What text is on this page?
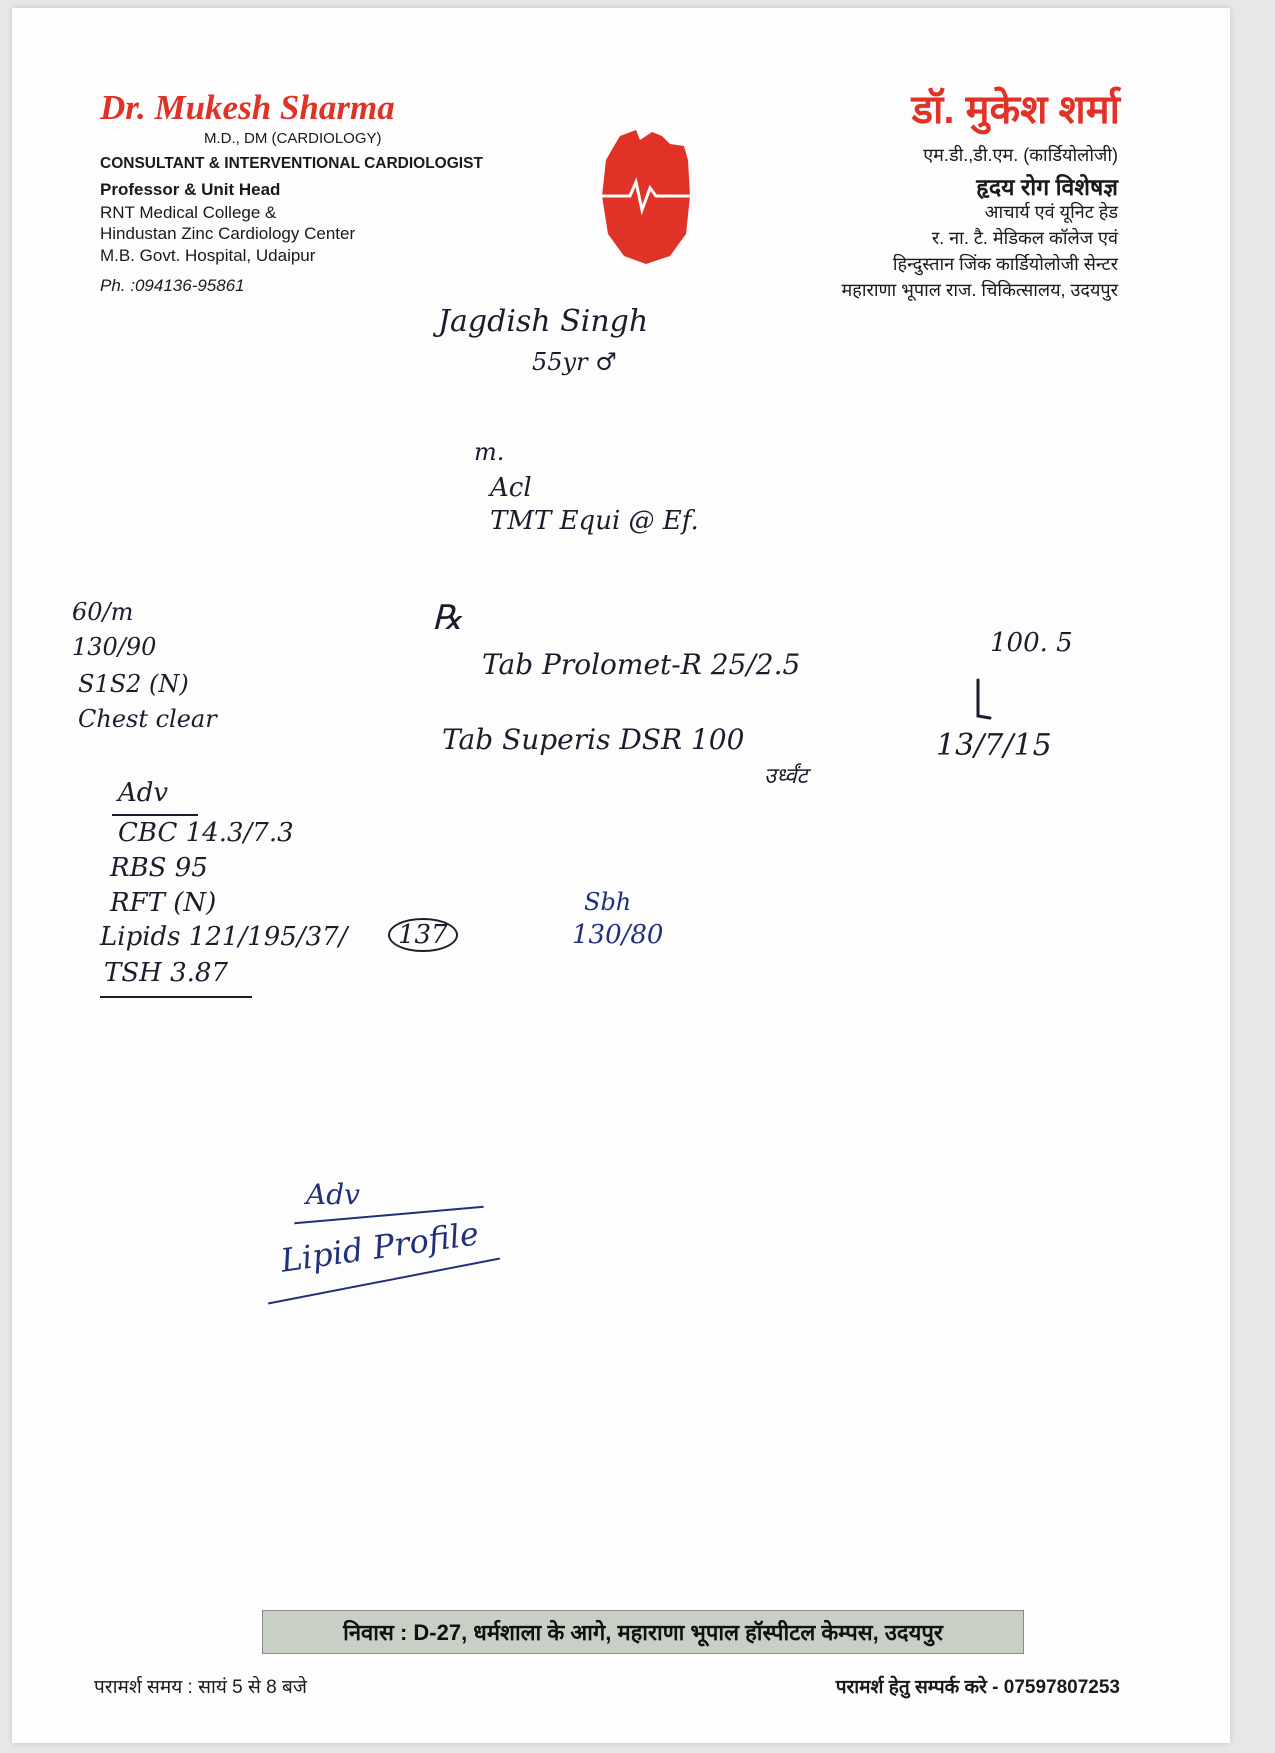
Dr. Mukesh Sharma
M.D., DM (CARDIOLOGY)
CONSULTANT & INTERVENTIONAL CARDIOLOGIST
Professor & Unit Head
RNT Medical College &
Hindustan Zinc Cardiology Center
M.B. Govt. Hospital, Udaipur
Ph. :094136-95861
डॉ. मुकेश शर्मा
एम.डी.,डी.एम. (कार्डियोलोजी)
हृदय रोग विशेषज्ञ
आचार्य एवं यूनिट हेड
र. ना. टै. मेडिकल कॉलेज एवं
हिन्दुस्तान जिंक कार्डियोलोजी सेन्टर
महाराणा भूपाल राज. चिकित्सालय, उदयपुर
Jagdish Singh
55yr ♂
m.
Acl
TMT Equi @ Ef.
60/m
130/90
S1S2 (N)
Chest clear
℞
Tab Prolomet-R 25/2.5
100. 5
Tab Superis DSR 100
उर्ध्वंट
13/7/15
Adv
CBC 14.3/7.3
RBS 95
RFT (N)
Lipids 121/195/37/	137
TSH 3.87
Sbh
130/80
Adv
Lipid Profile
निवास : D-27, धर्मशाला के आगे, महाराणा भूपाल हॉस्पीटल केम्पस, उदयपुर
परामर्श समय : सायं 5 से 8 बजे	परामर्श हेतु सम्पर्क करे - 07597807253
